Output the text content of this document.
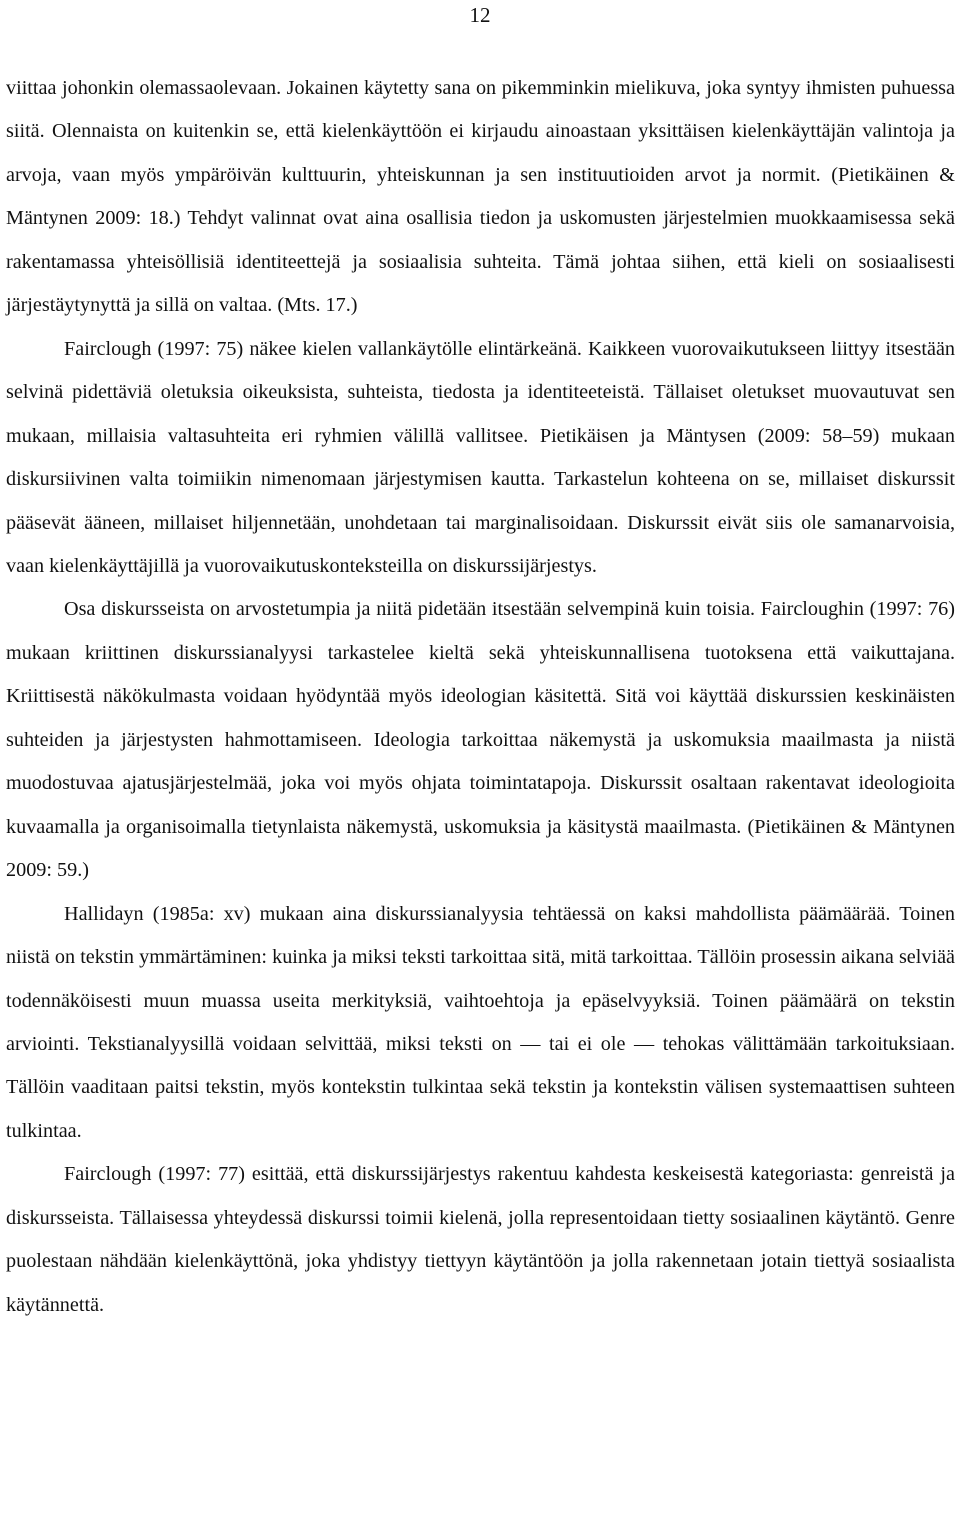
12

viittaa johonkin olemassaolevaan. Jokainen käytetty sana on pikemminkin mielikuva, joka syntyy ihmisten puhuessa siitä. Olennaista on kuitenkin se, että kielenkäyttöön ei kirjaudu ainoastaan yksittäisen kielenkäyttäjän valintoja ja arvoja, vaan myös ympäröivän kulttuurin, yhteiskunnan ja sen instituutioiden arvot ja normit. (Pietikäinen & Mäntynen 2009: 18.) Tehdyt valinnat ovat aina osallisia tiedon ja uskomusten järjestelmien muokkaamisessa sekä rakentamassa yhteisöllisiä identiteettejä ja sosiaalisia suhteita. Tämä johtaa siihen, että kieli on sosiaalisesti järjestäytynyttä ja sillä on valtaa. (Mts. 17.)

Fairclough (1997: 75) näkee kielen vallankäytölle elintärkeänä. Kaikkeen vuorovaikutukseen liittyy itsestään selvinä pidettäviä oletuksia oikeuksista, suhteista, tiedosta ja identiteeteistä. Tällaiset oletukset muovautuvat sen mukaan, millaisia valtasuhteita eri ryhmien välillä vallitsee. Pietikäisen ja Mäntysen (2009: 58–59) mukaan diskursiivinen valta toimiikin nimenomaan järjestymisen kautta. Tarkastelun kohteena on se, millaiset diskurssit pääsevät ääneen, millaiset hiljennetään, unohdetaan tai marginalisoidaan. Diskurssit eivät siis ole samanarvoisia, vaan kielenkäyttäjillä ja vuorovaikutuskonteksteilla on diskurssijärjestys.

Osa diskursseista on arvostetumpia ja niitä pidetään itsestään selvempinä kuin toisia. Faircloughin (1997: 76) mukaan kriittinen diskurssianalyysi tarkastelee kieltä sekä yhteiskunnallisena tuotoksena että vaikuttajana. Kriittisestä näkökulmasta voidaan hyödyntää myös ideologian käsitettä. Sitä voi käyttää diskurssien keskinäisten suhteiden ja järjestysten hahmottamiseen. Ideologia tarkoittaa näkemystä ja uskomuksia maailmasta ja niistä muodostuvaa ajatusjärjestelmää, joka voi myös ohjata toimintatapoja. Diskurssit osaltaan rakentavat ideologioita kuvaamalla ja organisoimalla tietynlaista näkemystä, uskomuksia ja käsitystä maailmasta. (Pietikäinen & Mäntynen 2009: 59.)

Hallidayn (1985a: xv) mukaan aina diskurssianalyysia tehtäessä on kaksi mahdollista päämäärää. Toinen niistä on tekstin ymmärtäminen: kuinka ja miksi teksti tarkoittaa sitä, mitä tarkoittaa. Tällöin prosessin aikana selviää todennäköisesti muun muassa useita merkityksiä, vaihtoehtoja ja epäselvyyksiä. Toinen päämäärä on tekstin arviointi. Tekstianalyysillä voidaan selvittää, miksi teksti on — tai ei ole — tehokas välittämään tarkoituksiaan. Tällöin vaaditaan paitsi tekstin, myös kontekstin tulkintaa sekä tekstin ja kontekstin välisen systemaattisen suhteen tulkintaa.

Fairclough (1997: 77) esittää, että diskurssijärjestys rakentuu kahdesta keskeisestä kategoriasta: genreistä ja diskursseista. Tällaisessa yhteydessä diskurssi toimii kielenä, jolla representoidaan tietty sosiaalinen käytäntö. Genre puolestaan nähdään kielenkäyttönä, joka yhdistyy tiettyyn käytäntöön ja jolla rakennetaan jotain tiettyä sosiaalista käytännettä.
